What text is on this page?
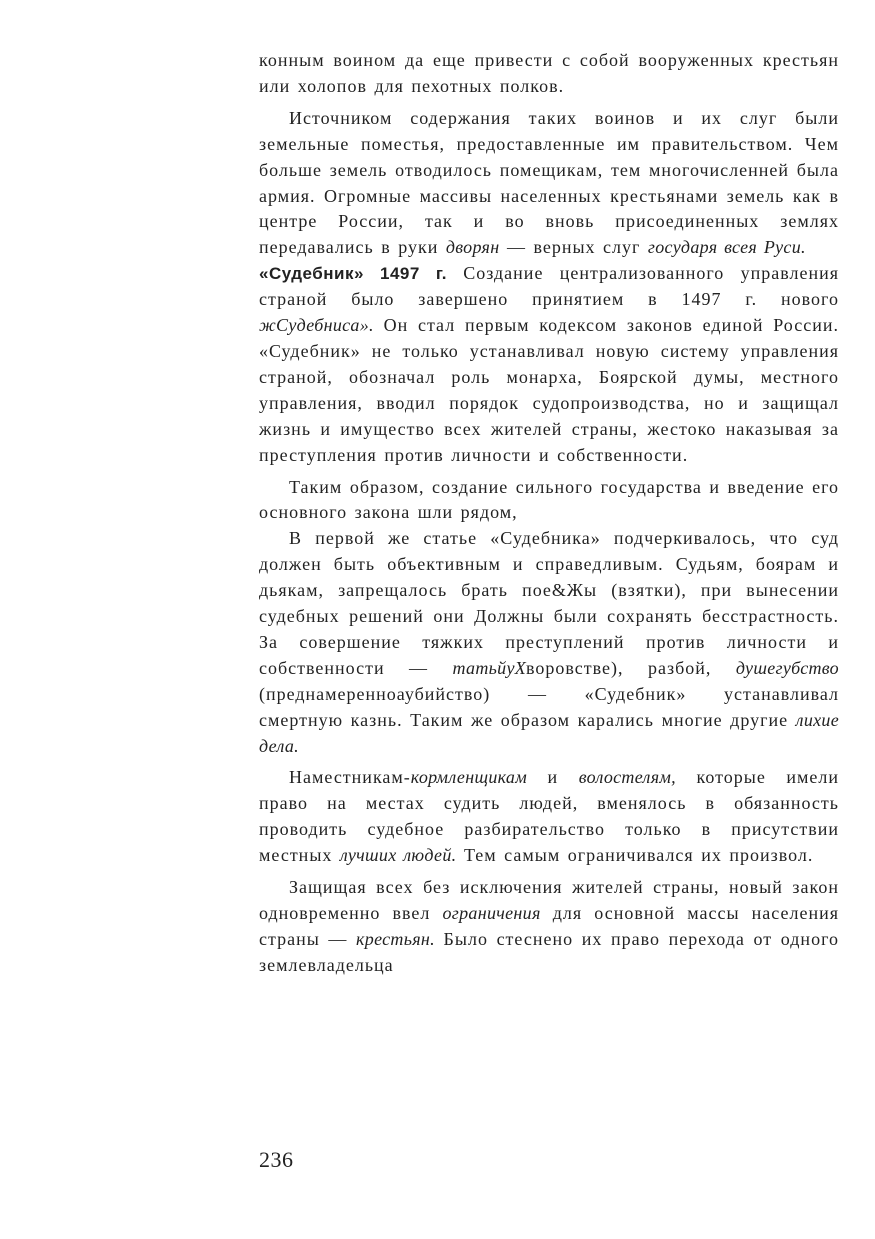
конным воином да еще привести с собой вооруженных крестьян или холопов для пехотных полков.

Источником содержания таких воинов и их слуг были земельные поместья, предоставленные им правительством. Чем больше земель отводилось помещикам, тем многочисленней была армия. Огромные массивы населенных крестьянами земель как в центре России, так и во вновь присоединенных землях передавались в руки дворян — верных слуг государя всея Руси.

«Судебник» 1497 г. Создание централизованного управления страной было завершено принятием в 1497 г. нового жСудебнисa». Он стал первым кодексом законов единой России. «Судебник» не только устанавливал новую систему управления страной, обозначал роль монарха, Боярской думы, местного управления, вводил порядок судопроизводства, но и защищал жизнь и имущество всех жителей страны, жестоко наказывая за преступления против личности и собственности.

Таким образом, создание сильного государства и введение его основного закона шли рядом,

В первой же статье «Судебника» подчеркивалось, что суд должен быть объективным и справедливым. Судьям, боярам и дьякам, запрещалось брать пое&Жы (взятки), при вынесении судебных решений они Должны были сохранять бесстрастность. За совершение тяжких преступлений против личности и собственности — татьйуХворовстве), разбой, душегубство (преднамеренноаубийство) — «Судебник» устанавливал смертную казнь. Таким же образом карались многие другие лихие дела.

Наместникам-кормленщикам и волостелям, которые имели право на местах судить людей, вменялось в обязанность проводить судебное разбирательство только в присутствии местных лучших людей. Тем самым ограничивался их произвол.

Защищая всех без исключения жителей страны, новый закон одновременно ввел ограничения для основной массы населения страны — крестьян. Было стеснено их право перехода от одного землевладельца

236
